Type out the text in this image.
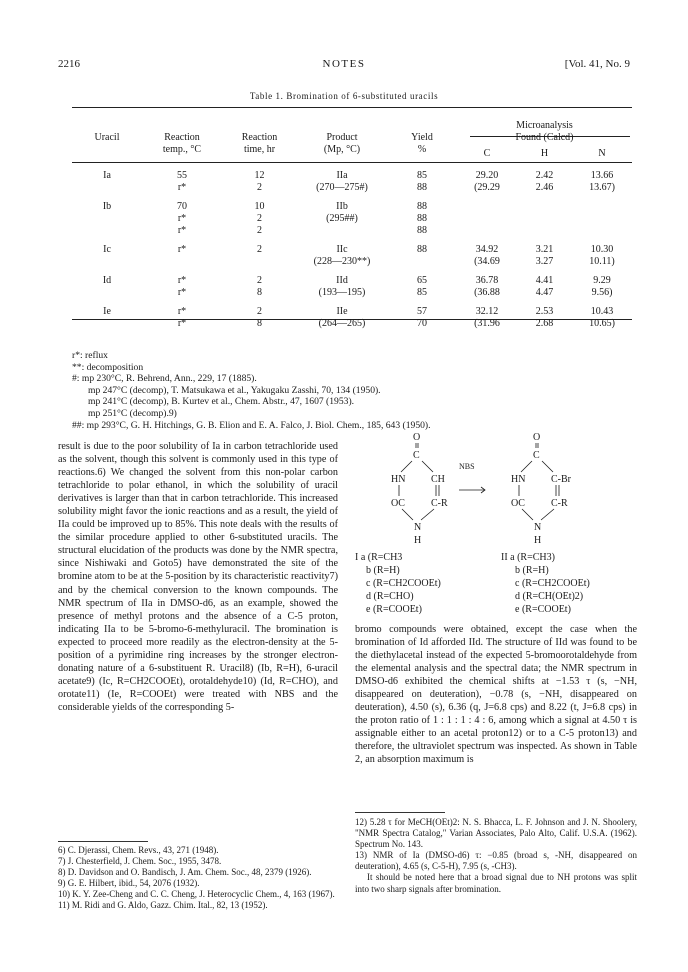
2216	NOTES	[Vol. 41, No. 9
Table 1. Bromination of 6-substituted uracils

					Microanalysis		
Uracil	Reaction	Reaction	Product	Yield	Found (Calcd)		
	temp., °C	time, hr	(Mp, °C)	%	C	H	N

Ia	55	12	IIa	85	29.20	2.42	13.66
	r*	2	(270—275#)	88	(29.29	2.46	13.67)

Ib	70	10	IIb	88			
	r*	2	(295##)	88			
	r*	2		88			

Ic	r*	2	IIc	88	34.92	3.21	10.30
			(228—230**)		(34.69	3.27	10.11)

Id	r*	2	IId	65	36.78	4.41	9.29
	r*	8	(193—195)	85	(36.88	4.47	9.56)

Ie	r*	2	IIe	57	32.12	2.53	10.43
	r*	8	(264—265)	70	(31.96	2.68	10.65)
r*: reflux
**: decomposition
#: mp 230°C, R. Behrend, Ann., 229, 17 (1885).
mp 247°C (decomp), T. Matsukawa et al., Yakugaku Zasshi, 70, 134 (1950).
mp 241°C (decomp), B. Kurtev et al., Chem. Abstr., 47, 1607 (1953).
mp 251°C (decomp).9)
##: mp 293°C, G. H. Hitchings, G. B. Elion and E. A. Falco, J. Biol. Chem., 185, 643 (1950).

result is due to the poor solubility of Ia in carbon tetrachloride used as the solvent, though this solvent is commonly used in this type of reactions.6) We changed the solvent from this non-polar carbon tetrachloride to polar ethanol, in which the solubility of uracil derivatives is larger than that in carbon tetrachloride. This increased solubility might favor the ionic reactions and as a result, the yield of IIa could be improved up to 85%. This note deals with the results of the similar procedure applied to other 6-substituted uracils. The structural elucidation of the products was done by the NMR spectra, since Nishiwaki and Goto5) have demonstrated the site of the bromine atom to be at the 5-position by its characteristic reactivity7) and by the chemical conversion to the known compounds. The NMR spectrum of IIa in DMSO-d6, as an example, showed the presence of methyl protons and the absence of a C-5 proton, indicating IIa to be 5-bromo-6-methyluracil. The bromination is expected to proceed more readily as the electron-density at the 5-position of a pyrimidine ring increases by the stronger electron-donating nature of a 6-substituent R. Uracil8) (Ib, R=H), 6-uracil acetate9) (Ic, R=CH2COOEt), orotaldehyde10) (Id, R=CHO), and orotate11) (Ie, R=COOEt) were treated with NBS and the considerable yields of the corresponding 5-

O
C
HN	CH
OC	C-R
N
H
O
C
HN	C-Br
OC	C-R
N
H
NBS
I a (R=CH3
b (R=H)
c (R=CH2COOEt)
d (R=CHO)
e (R=COOEt)
II a (R=CH3)
b (R=H)
c (R=CH2COOEt)
d (R=CH(OEt)2)
e (R=COOEt)

bromo compounds were obtained, except the case when the bromination of Id afforded IId. The structure of IId was found to be the diethylacetal instead of the expected 5-bromoorotaldehyde from the elemental analysis and the spectral data; the NMR spectrum in DMSO-d6 exhibited the chemical shifts at −1.53 τ (s, −NH, disappeared on deuteration), −0.78 (s, −NH, disappeared on deuteration), 4.50 (s), 6.36 (q, J=6.8 cps) and 8.22 (t, J=6.8 cps) in the proton ratio of 1 : 1 : 1 : 4 : 6, among which a signal at 4.50 τ is assignable either to an acetal proton12) or to a C-5 proton13) and therefore, the ultraviolet spectrum was inspected. As shown in Table 2, an absorption maximum is

6) C. Djerassi, Chem. Revs., 43, 271 (1948).

7) J. Chesterfield, J. Chem. Soc., 1955, 3478.

8) D. Davidson and O. Bandisch, J. Am. Chem. Soc., 48, 2379 (1926).

9) G. E. Hilbert, ibid., 54, 2076 (1932).

10) K. Y. Zee-Cheng and C. C. Cheng, J. Heterocyclic Chem., 4, 163 (1967).

11) M. Ridi and G. Aldo, Gazz. Chim. Ital., 82, 13 (1952).

12) 5.28 τ for MeCH(OEt)2: N. S. Bhacca, L. F. Johnson and J. N. Shoolery, "NMR Spectra Catalog," Varian Associates, Palo Alto, Calif. U.S.A. (1962). Spectrum No. 143.

13) NMR of Ia (DMSO-d6) τ: −0.85 (broad s, -NH, disappeared on deuteration), 4.65 (s, C-5-H), 7.95 (s, -CH3).

It should be noted here that a broad signal due to NH protons was split into two sharp signals after bromination.
